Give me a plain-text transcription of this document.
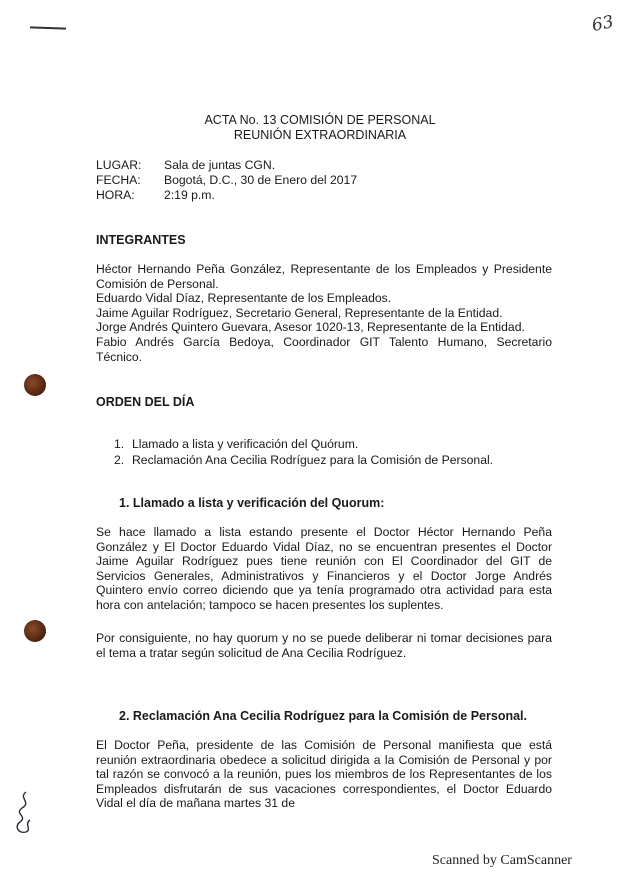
63
ACTA No. 13 COMISIÓN DE PERSONAL
REUNIÓN EXTRAORDINARIA
LUGAR: Sala de juntas CGN.
FECHA: Bogotá, D.C., 30 de Enero del 2017
HORA: 2:19 p.m.
INTEGRANTES

Héctor Hernando Peña González, Representante de los Empleados y Presidente Comisión de Personal.

Eduardo Vidal Díaz, Representante de los Empleados.

Jaime Aguilar Rodríguez, Secretario General, Representante de la Entidad.

Jorge Andrés Quintero Guevara, Asesor 1020-13, Representante de la Entidad.

Fabio Andrés García Bedoya, Coordinador GIT Talento Humano, Secretario Técnico.

ORDEN DEL DÍA
1. Llamado a lista y verificación del Quórum.
2. Reclamación Ana Cecilia Rodríguez para la Comisión de Personal.
1. Llamado a lista y verificación del Quorum:
Se hace llamado a lista estando presente el Doctor Héctor Hernando Peña González y El Doctor Eduardo Vidal Díaz, no se encuentran presentes el Doctor Jaime Aguilar Rodríguez pues tiene reunión con El Coordinador del GIT de Servicios Generales, Administrativos y Financieros y el Doctor Jorge Andrés Quintero envío correo diciendo que ya tenía programado otra actividad para esta hora con antelación; tampoco se hacen presentes los suplentes.
Por consiguiente, no hay quorum y no se puede deliberar ni tomar decisiones para el tema a tratar según solicitud de Ana Cecilia Rodríguez.
2. Reclamación Ana Cecilia Rodríguez para la Comisión de Personal.
El Doctor Peña, presidente de las Comisión de Personal manifiesta que está reunión extraordinaria obedece a solicitud dirigida a la Comisión de Personal y por tal razón se convocó a la reunión, pues los miembros de los Representantes de los Empleados disfrutarán de sus vacaciones correspondientes, el Doctor Eduardo Vidal el día de mañana martes 31 de
Scanned by CamScanner
